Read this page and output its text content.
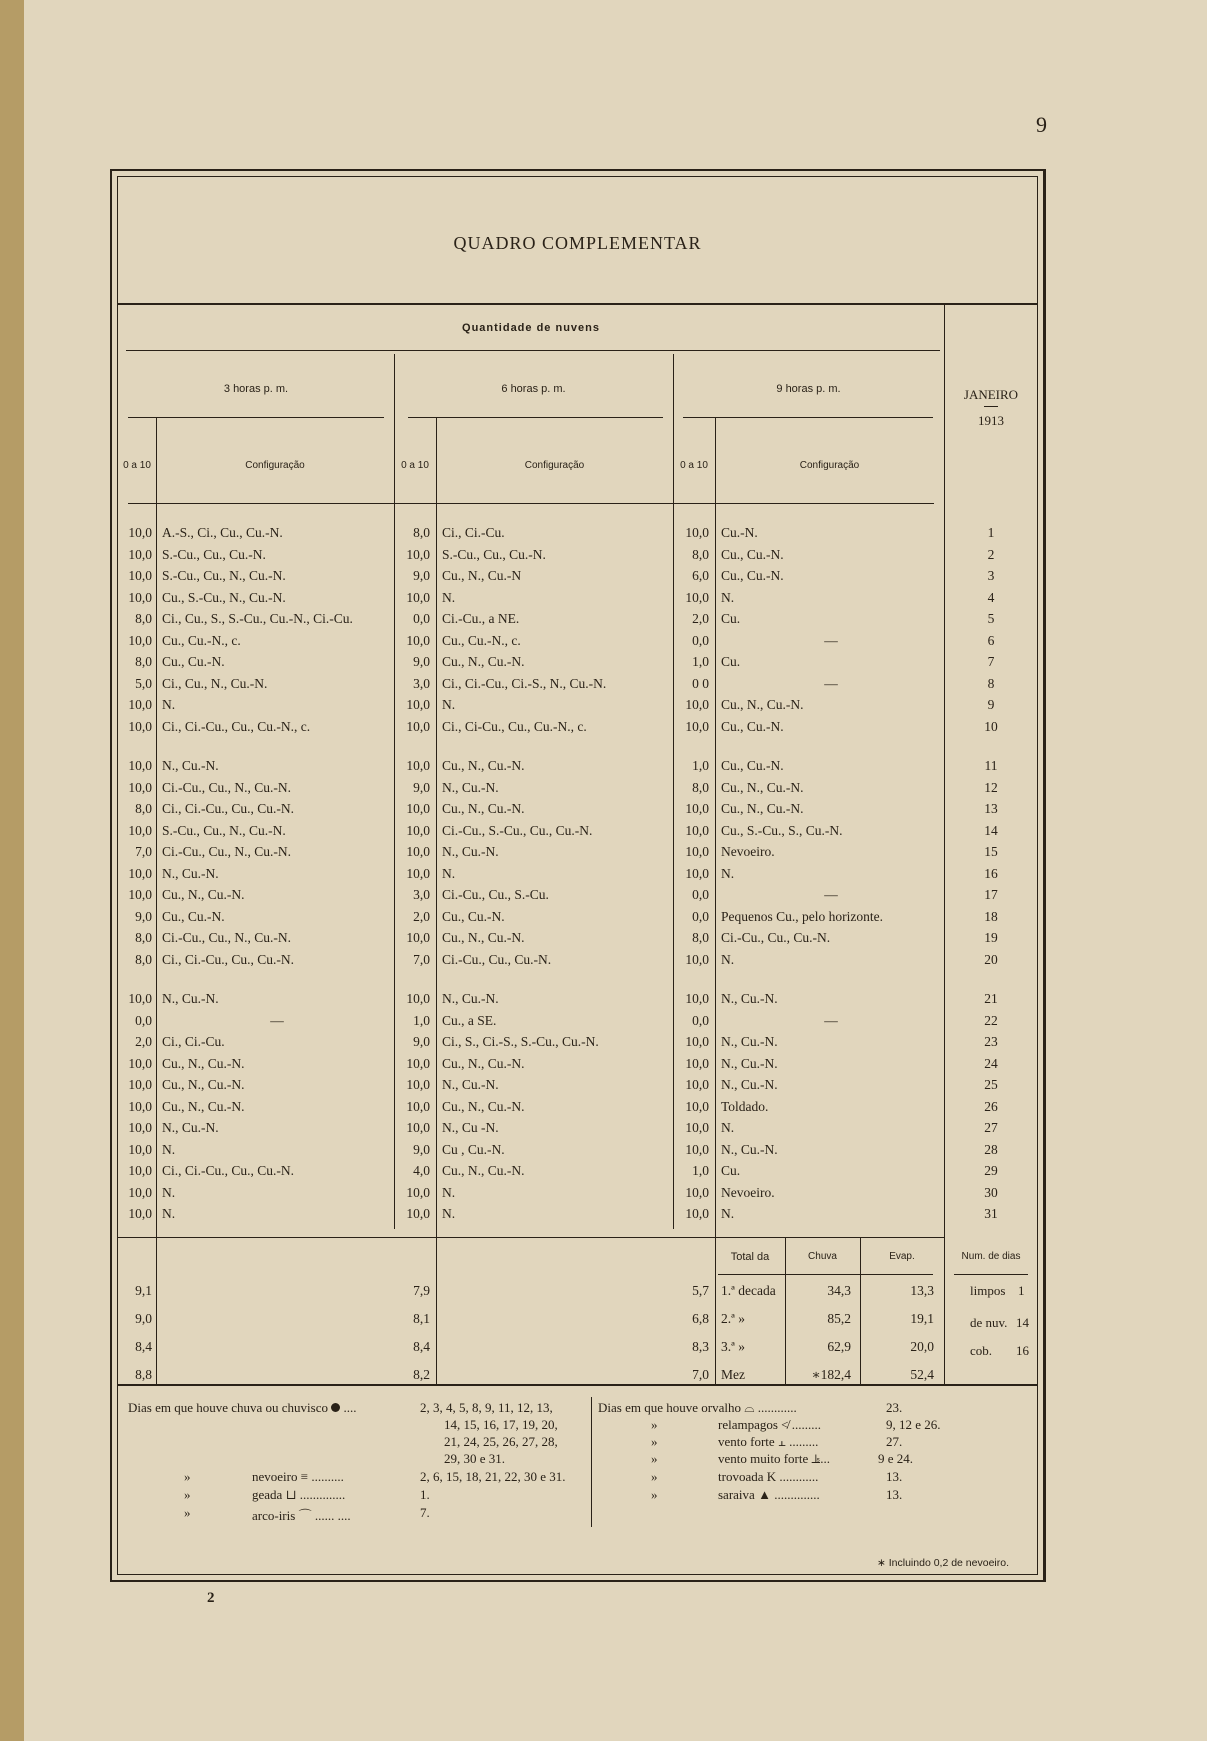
9
2
QUADRO COMPLEMENTAR
Quantidade de nuvens
3 horas p. m.	6 horas p. m.	9 horas p. m.	JANEIRO
1913
0 a 10	Configuração	0 a 10	Configuração	0 a 10	Configuração
10,0 A.-S., Ci., Cu., Cu.-N.	8,0 Ci., Ci.-Cu.	10,0 Cu.-N.	1
10,0 S.-Cu., Cu., Cu.-N.	10,0 S.-Cu., Cu., Cu.-N.	8,0 Cu., Cu.-N.	2
10,0 S.-Cu., Cu., N., Cu.-N.	9,0 Cu., N., Cu.-N	6,0 Cu., Cu.-N.	3
10,0 Cu., S.-Cu., N., Cu.-N.	10,0 N.	10,0 N.	4
8,0 Ci., Cu., S., S.-Cu., Cu.-N., Ci.-Cu.	0,0 Ci.-Cu., a NE.	2,0 Cu.	5
10,0 Cu., Cu.-N., c.	10,0 Cu., Cu.-N., c.	0,0	—	6
8,0 Cu., Cu.-N.	9,0 Cu., N., Cu.-N.	1,0 Cu.	7
5,0 Ci., Cu., N., Cu.-N.	3,0 Ci., Ci.-Cu., Ci.-S., N., Cu.-N.	0 0	—	8
10,0 N.	10,0 N.	10,0 Cu., N., Cu.-N.	9
10,0 Ci., Ci.-Cu., Cu., Cu.-N., c.	10,0 Ci., Ci-Cu., Cu., Cu.-N., c.	10,0 Cu., Cu.-N.	10
10,0 N., Cu.-N.	10,0 Cu., N., Cu.-N.	1,0 Cu., Cu.-N.	11
10,0 Ci.-Cu., Cu., N., Cu.-N.	9,0 N., Cu.-N.	8,0 Cu., N., Cu.-N.	12
8,0 Ci., Ci.-Cu., Cu., Cu.-N.	10,0 Cu., N., Cu.-N.	10,0 Cu., N., Cu.-N.	13
10,0 S.-Cu., Cu., N., Cu.-N.	10,0 Ci.-Cu., S.-Cu., Cu., Cu.-N.	10,0 Cu., S.-Cu., S., Cu.-N.	14
7,0 Ci.-Cu., Cu., N., Cu.-N.	10,0 N., Cu.-N.	10,0 Nevoeiro.	15
10,0 N., Cu.-N.	10,0 N.	10,0 N.	16
10,0 Cu., N., Cu.-N.	3,0 Ci.-Cu., Cu., S.-Cu.	0,0	—	17
9,0 Cu., Cu.-N.	2,0 Cu., Cu.-N.	0,0 Pequenos Cu., pelo horizonte.	18
8,0 Ci.-Cu., Cu., N., Cu.-N.	10,0 Cu., N., Cu.-N.	8,0 Ci.-Cu., Cu., Cu.-N.	19
8,0 Ci., Ci.-Cu., Cu., Cu.-N.	7,0 Ci.-Cu., Cu., Cu.-N.	10,0 N.	20
10,0 N., Cu.-N.	10,0 N., Cu.-N.	10,0 N., Cu.-N.	21
0,0	—	1,0 Cu., a SE.	0,0	—	22
2,0 Ci., Ci.-Cu.	9,0 Ci., S., Ci.-S., S.-Cu., Cu.-N.	10,0 N., Cu.-N.	23
10,0 Cu., N., Cu.-N.	10,0 Cu., N., Cu.-N.	10,0 N., Cu.-N.	24
10,0 Cu., N., Cu.-N.	10,0 N., Cu.-N.	10,0 N., Cu.-N.	25
10,0 Cu., N., Cu.-N.	10,0 Cu., N., Cu.-N.	10,0 Toldado.	26
10,0 N., Cu.-N.	10,0 N., Cu -N.	10,0 N.	27
10,0 N.	9,0 Cu , Cu.-N.	10,0 N., Cu.-N.	28
10,0 Ci., Ci.-Cu., Cu., Cu.-N.	4,0 Cu., N., Cu.-N.	1,0 Cu.	29
10,0 N.	10,0 N.	10,0 Nevoeiro.	30
10,0 N.	10,0 N.	10,0 N.	31
Total da	Chuva	Evap.	Num. de dias
9,1	7,9	5,7 1.ª decada	34,3	13,3
9,0	8,1	6,8 2.ª »	85,2	19,1
8,4	8,4	8,3 3.ª »	62,9	20,0
8,8	8,2	7,0 Mez	∗182,4	52,4
limpos 1
de nuv. 14
cob. 16
Dias em que houve chuva ou chuvisco  ....	2, 3, 4, 5, 8, 9, 11, 12, 13,
14, 15, 16, 17, 19, 20,
21, 24, 25, 26, 27, 28,
29, 30 e 31.
»	nevoeiro ≡ ..........	2, 6, 15, 18, 21, 22, 30 e 31.
»	geada ⊔ ..............	1.
»	arco-iris ⌒ ...... ....	7.
Dias em que houve orvalho ⌓ ............	23.
»	relampagos ≮ .........	9, 12 e 26.
»	vento forte ⫠ .........	27.
»	vento muito forte ⫡...	9 e 24.
»	trovoada K ............	13.
»	saraiva ▲ ..............	13.
∗ Incluindo 0,2 de nevoeiro.
